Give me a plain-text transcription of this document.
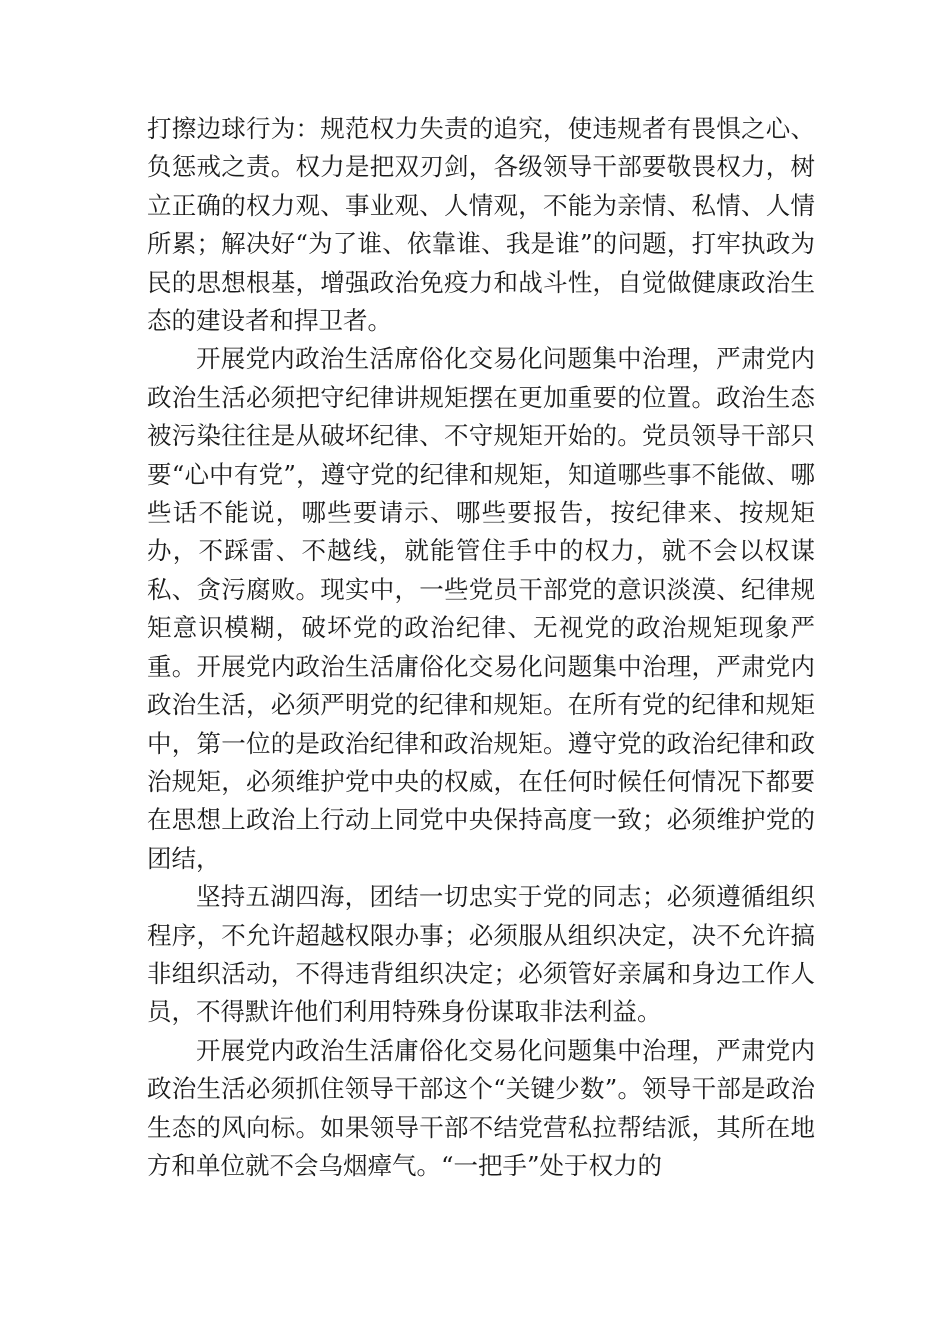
打擦边球行为：规范权力失责的追究，使违规者有畏惧之心、负惩戒之责。权力是把双刃剑，各级领导干部要敬畏权力，树立正确的权力观、事业观、人情观，不能为亲情、私情、人情所累；解决好“为了谁、依靠谁、我是谁”的问题，打牢执政为民的思想根基，增强政治免疫力和战斗性，自觉做健康政治生态的建设者和捍卫者。

开展党内政治生活席俗化交易化问题集中治理，严肃党内政治生活必须把守纪律讲规矩摆在更加重要的位置。政治生态被污染往往是从破坏纪律、不守规矩开始的。党员领导干部只要“心中有党”，遵守党的纪律和规矩，知道哪些事不能做、哪些话不能说，哪些要请示、哪些要报告，按纪律来、按规矩办，不踩雷、不越线，就能管住手中的权力，就不会以权谋私、贪污腐败。现实中，一些党员干部党的意识淡漠、纪律规矩意识模糊，破坏党的政治纪律、无视党的政治规矩现象严重。开展党内政治生活庸俗化交易化问题集中治理，严肃党内政治生活，必须严明党的纪律和规矩。在所有党的纪律和规矩中，第一位的是政治纪律和政治规矩。遵守党的政治纪律和政治规矩，必须维护党中央的权威，在任何时候任何情况下都要在思想上政治上行动上同党中央保持高度一致；必须维护党的团结，

坚持五湖四海，团结一切忠实于党的同志；必须遵循组织程序，不允许超越权限办事；必须服从组织决定，决不允许搞非组织活动，不得违背组织决定；必须管好亲属和身边工作人员，不得默许他们利用特殊身份谋取非法利益。

开展党内政治生活庸俗化交易化问题集中治理，严肃党内政治生活必须抓住领导干部这个“关键少数”。领导干部是政治生态的风向标。如果领导干部不结党营私拉帮结派，其所在地方和单位就不会乌烟瘴气。“一把手”处于权力的
